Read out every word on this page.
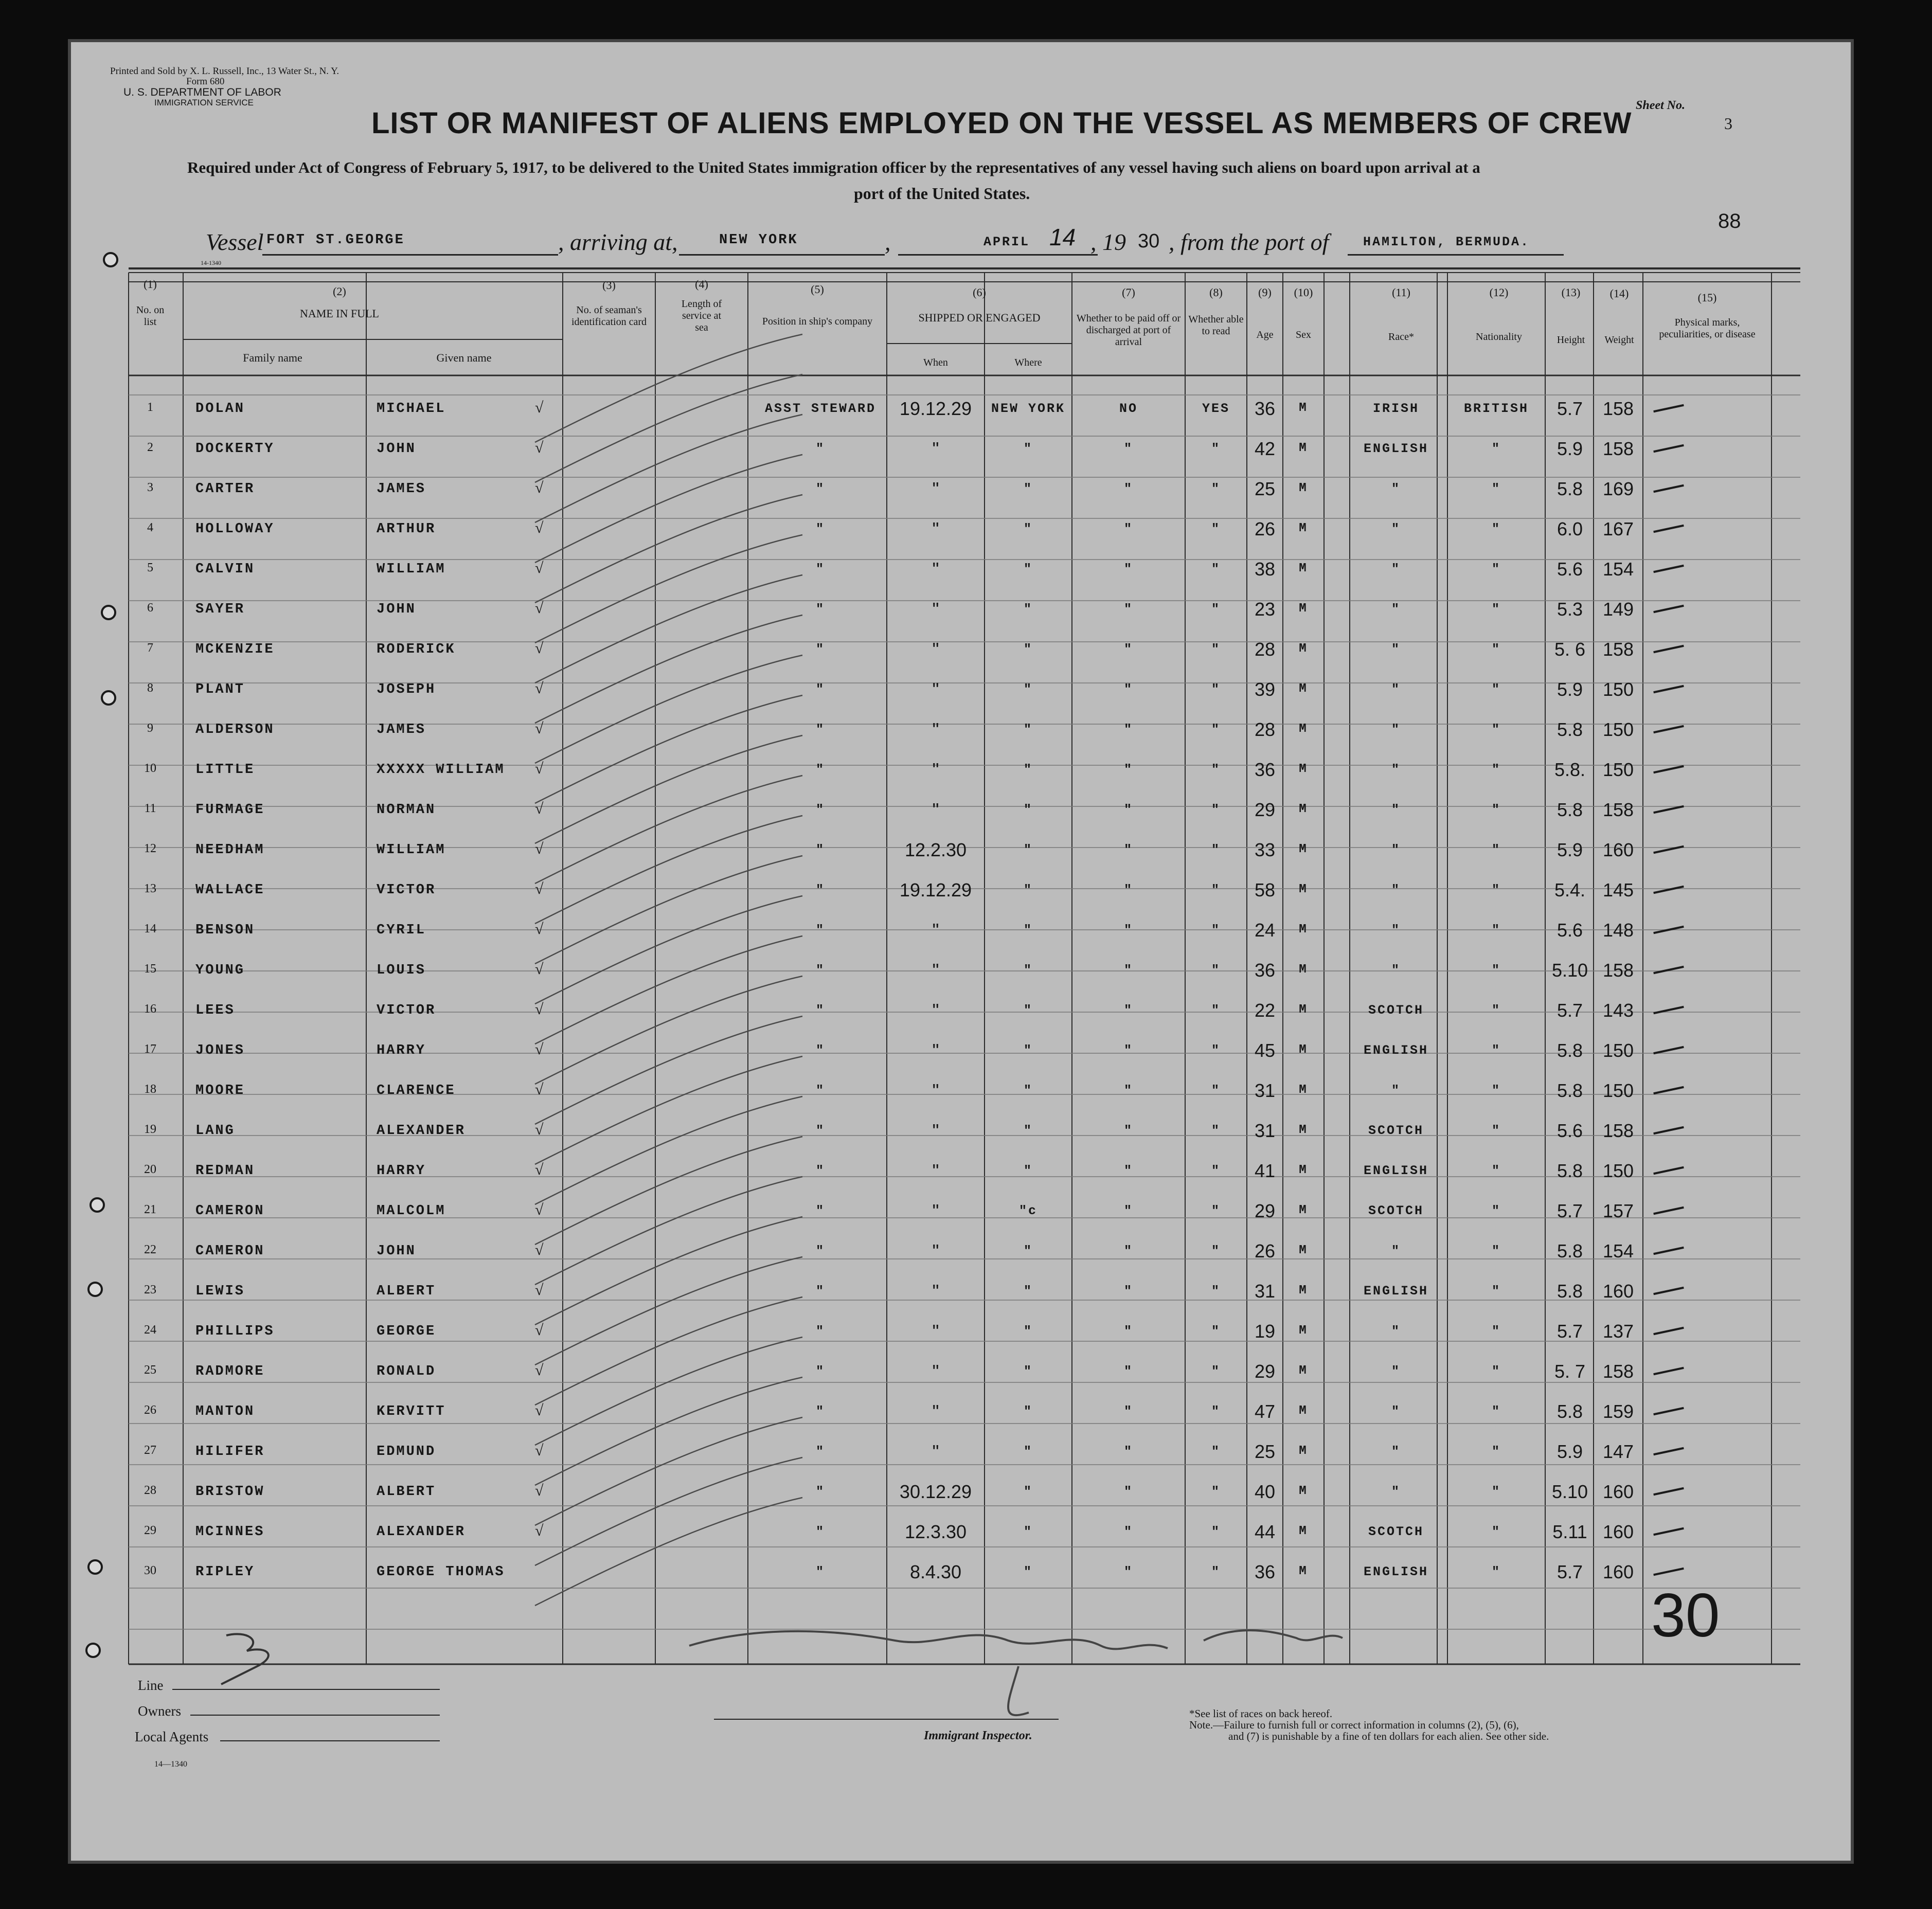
Printed and Sold by X. L. Russell, Inc., 13 Water St., N. Y.
Form 680
U. S. DEPARTMENT OF LABOR
IMMIGRATION SERVICE	Sheet No.
3
88
LIST OR MANIFEST OF ALIENS EMPLOYED ON THE VESSEL AS MEMBERS OF CREW
Required under Act of Congress of February 5, 1917, to be delivered to the United States immigration officer by the representatives of any vessel having such aliens on board upon arrival at a
port of the United States.
Vessel FORT ST.GEORGE	, arriving at,	NEW YORK	,	APRIL 14 , 19 30 , from the port of	HAMILTON, BERMUDA.
(1)
No. on list
(2)
NAME IN FULL
Family name	Given name
(3)
No. of seaman's identification card
(4)
Length of service at sea
(5)
Position in ship's company
(6)
SHIPPED OR ENGAGED
When	Where
(7)
Whether to be paid off or discharged at port of arrival
(8)
Whether able to read
(9)
Age
(10)
Sex
(11)
Race*
(12)
Nationality
(13)
Height
(14)
Weight
(15)
Physical marks, peculiarities, or disease
1	DOLAN	MICHAEL	ASST STEWARD	19.12.29	NEW YORK	NO	YES	36	M	IRISH	BRITISH	5.7	158
√
2	DOCKERTY	JOHN	"	"	"	"	"	42	M	ENGLISH	"	5.9	158
√
3	CARTER	JAMES	"	"	"	"	"	25	M	"	"	5.8	169
√
4	HOLLOWAY	ARTHUR	"	"	"	"	"	26	M	"	"	6.0	167
√
5	CALVIN	WILLIAM	"	"	"	"	"	38	M	"	"	5.6	154
√
6	SAYER	JOHN	"	"	"	"	"	23	M	"	"	5.3	149
√
7	MCKENZIE	RODERICK	"	"	"	"	"	28	M	"	"	5. 6 158
√
8	PLANT	JOSEPH	"	"	"	"	"	39	M	"	"	5.9	150
√
9	ALDERSON	JAMES	"	"	"	"	"	28	M	"	"	5.8	150
√
10	LITTLE	XXXXX WILLIAM	"	"	"	"	"	36	M	"	"	5.8. 150
√
11	FURMAGE	NORMAN	"	"	"	"	"	29	M	"	"	5.8	158
√
12	NEEDHAM	WILLIAM	"	12.2.30	"	"	"	33	M	"	"	5.9	160
√
13	WALLACE	VICTOR	"	19.12.29	"	"	"	58	M	"	"	5.4. 145
√
14	BENSON	CYRIL	"	"	"	"	"	24	M	"	"	5.6	148
√
15	YOUNG	LOUIS	"	"	"	"	"	36	M	"	"	5.10 158
√
16	LEES	VICTOR	"	"	"	"	"	22	M	SCOTCH	"	5.7	143
√
17	JONES	HARRY	"	"	"	"	"	45	M	ENGLISH	"	5.8	150
√
18	MOORE	CLARENCE	"	"	"	"	"	31	M	"	"	5.8	150
√
19	LANG	ALEXANDER	"	"	"	"	"	31	M	SCOTCH	"	5.6	158
√
20	REDMAN	HARRY	"	"	"	"	"	41	M	ENGLISH	"	5.8	150
√
21	CAMERON	MALCOLM	"	"	"c	"	"	29	M	SCOTCH	"	5.7	157
√
22	CAMERON	JOHN	"	"	"	"	"	26	M	"	"	5.8	154
√
23	LEWIS	ALBERT	"	"	"	"	"	31	M	ENGLISH	"	5.8	160
√
24	PHILLIPS	GEORGE	"	"	"	"	"	19	M	"	"	5.7	137
√
25	RADMORE	RONALD	"	"	"	"	"	29	M	"	"	5. 7 158
√
26	MANTON	KERVITT	"	"	"	"	"	47	M	"	"	5.8	159
√
27	HILIFER	EDMUND	"	"	"	"	"	25	M	"	"	5.9	147
√
28	BRISTOW	ALBERT	"	30.12.29	"	"	"	40	M	"	"	5.10 160
√
29	MCINNES	ALEXANDER	"	12.3.30	"	"	"	44	M	SCOTCH	"	5.11 160
√
30	RIPLEY	GEORGE THOMAS	"	8.4.30	"	"	"	36	M	ENGLISH	"	5.7	160
30
Line
Owners
Local Agents
14—1340
14-1340
Immigrant Inspector.
*See list of races on back hereof.
Note.—Failure to furnish full or correct information in columns (2), (5), (6),
and (7) is punishable by a fine of ten dollars for each alien. See other side.
